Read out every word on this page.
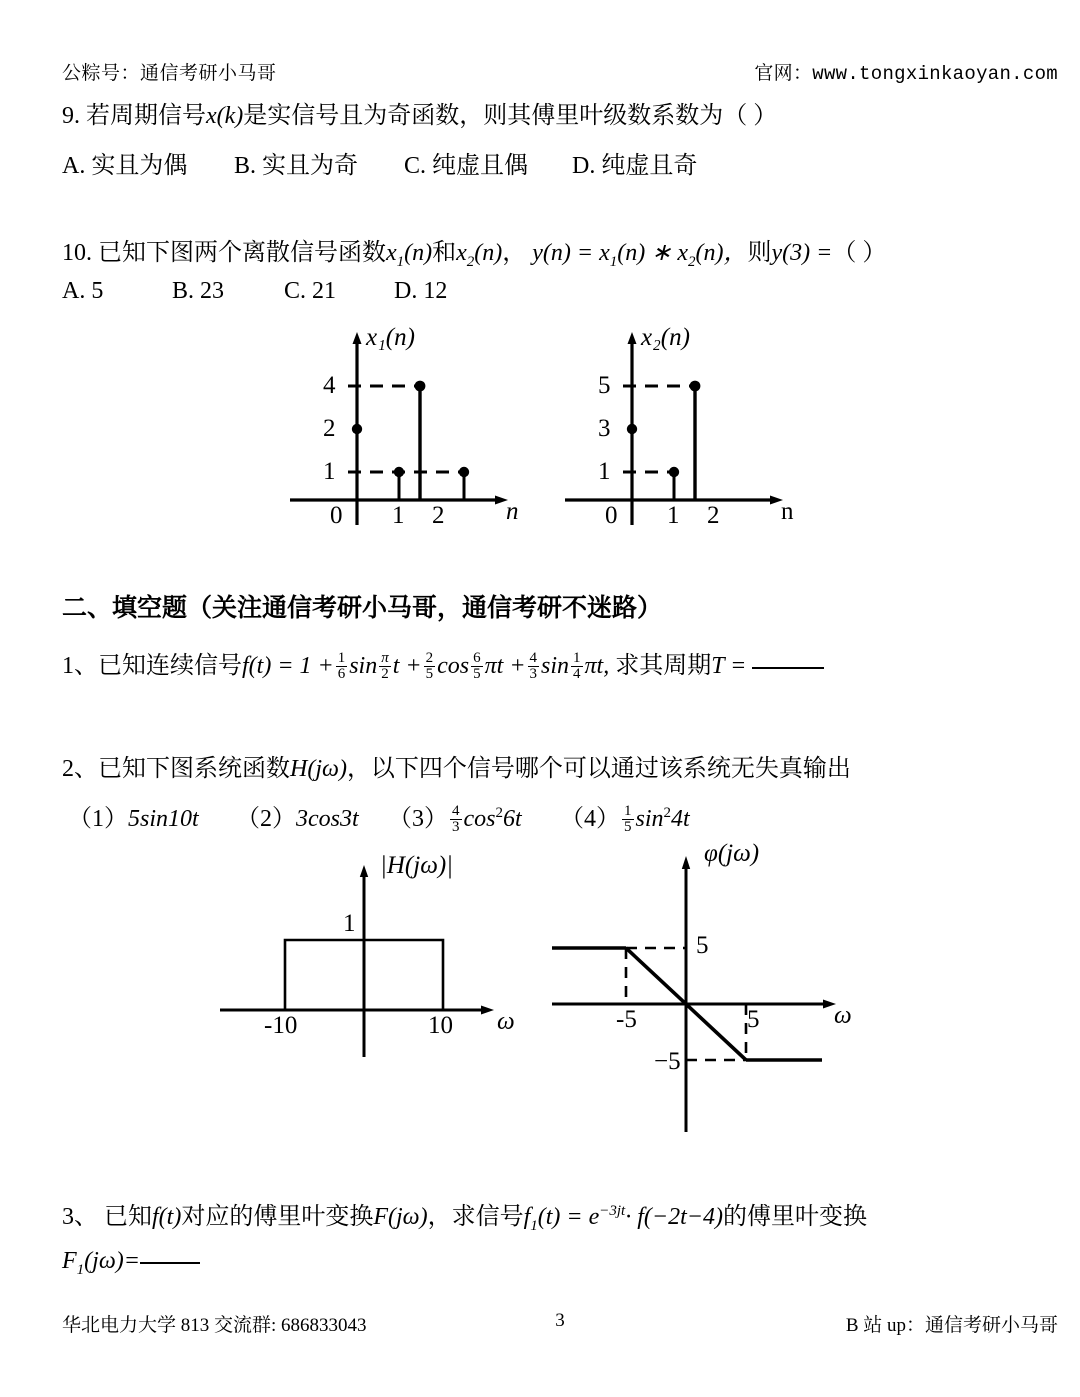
公粽号：通信考研小马哥	官网：www.tongxinkaoyan.com
9. 若周期信号x(k)是实信号且为奇函数，则其傅里叶级数系数为（ ）
A. 实且为偶	B. 实且为奇	C. 纯虚且偶	D. 纯虚且奇
10. 已知下图两个离散信号函数$x_1(n)$和$x_2(n)$， $y(n) = x_1(n)$ ∗ $x_2(n)$，则y(3) =（ ）
A. 5	B. 23	C. 21	D. 12
x₁(n)
4
2
1
0 1 2 n
x₂(n)
5
3
1
0 1 2 n
二、填空题（关注通信考研小马哥，通信考研不迷路）
1、已知连续信号$f(t) = 1 + \frac{1}{6}$ $\sin \frac{\pi}{2}$ $t + \frac{2}{5}$ $\cos \frac{6}{5}$ $\pi t + \frac{4}{3}$ $\sin \frac{1}{4} \pi t$, 求其周期T =
2、已知下图系统函数H(jω)，以下四个信号哪个可以通过该系统无失真输出
（1）5sin10t （2）3cos3t $(3) \frac{4}{3} \cos^26t$ $(4) \frac{1}{5} \sin^24t$
|H(jω)|
1
-10	10 ω
φ(jω)
5
−5
-5	5	ω
3、 已知f(t)对应的傅里叶变换F(jω)，求信号$f_1(t) = e^{-3jt}\cdot f(-2t-4)$的傅里叶变换
$F_1(j\omega)=$
华北电力大学 813 交流群: 686833043	3	B 站 up：通信考研小马哥
